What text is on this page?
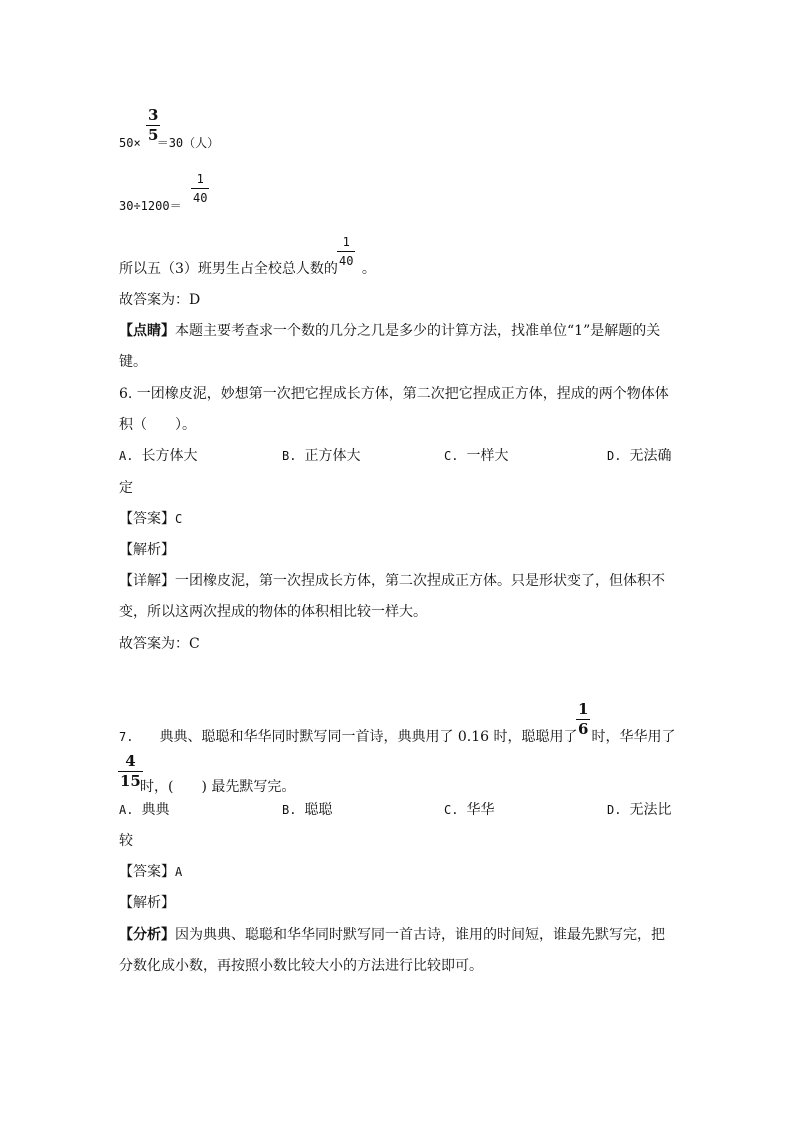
50× ＝30（人）
3
5
30÷1200＝
1
40
所以五（3）班男生占全校总人数的 。
1
40
故答案为：D
【点睛】本题主要考查求一个数的几分之几是多少的计算方法，找准单位“1”是解题的关
键。
6. 一团橡皮泥，妙想第一次把它捏成长方体，第二次把它捏成正方体，捏成的两个物体体
积（　　）。
A. 长方体大	B. 正方体大	C. 一样大	D. 无法确
定
【答案】C
【解析】
【详解】一团橡皮泥，第一次捏成长方体，第二次捏成正方体。只是形状变了，但体积不
变，所以这两次捏成的物体的体积相比较一样大。
故答案为：C
7. 典典、聪聪和华华同时默写同一首诗，典典用了 0.16 时，聪聪用了 时，华华用了
1
6
4
15 时，(　　) 最先默写完。
A. 典典	B. 聪聪	C. 华华	D. 无法比
较
【答案】A
【解析】
【分析】因为典典、聪聪和华华同时默写同一首古诗，谁用的时间短，谁最先默写完，把
分数化成小数，再按照小数比较大小的方法进行比较即可。
